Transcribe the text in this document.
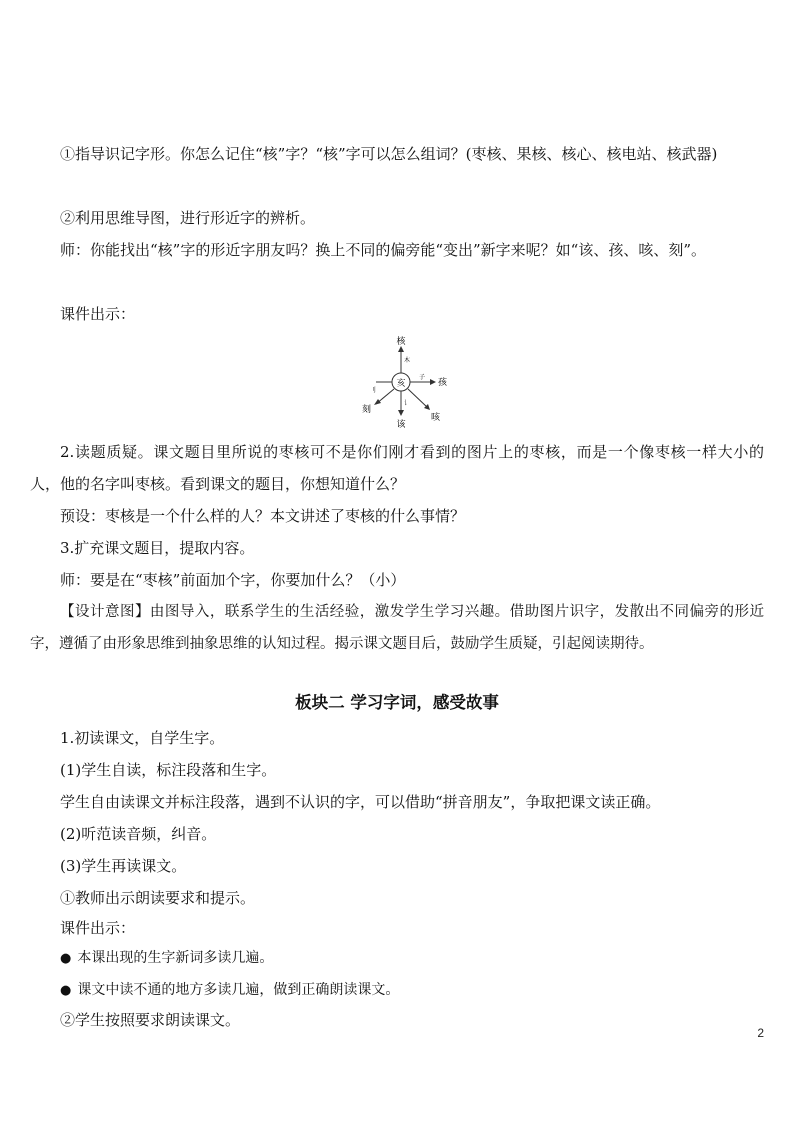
①指导识记字形。你怎么记住“核”字？“核”字可以怎么组词？(枣核、果核、核心、核电站、核武器)

②利用思维导图，进行形近字的辨析。

师：你能找出“核”字的形近字朋友吗？换上不同的偏旁能“变出”新字来呢？如“该、孩、咳、刻”。

课件出示：

亥
核
木
孩
子
该
讠
刂
刻
咳

2.读题质疑。课文题目里所说的枣核可不是你们刚才看到的图片上的枣核，而是一个像枣核一样大小的人，他的名字叫枣核。看到课文的题目，你想知道什么？

预设：枣核是一个什么样的人？本文讲述了枣核的什么事情？

3.扩充课文题目，提取内容。

师：要是在“枣核”前面加个字，你要加什么？（小）

【设计意图】由图导入，联系学生的生活经验，激发学生学习兴趣。借助图片识字，发散出不同偏旁的形近字，遵循了由形象思维到抽象思维的认知过程。揭示课文题目后，鼓励学生质疑，引起阅读期待。

板块二 学习字词，感受故事

1.初读课文，自学生字。

(1)学生自读，标注段落和生字。

学生自由读课文并标注段落，遇到不认识的字，可以借助“拼音朋友”，争取把课文读正确。

(2)听范读音频，纠音。

(3)学生再读课文。

①教师出示朗读要求和提示。

课件出示：

● 本课出现的生字新词多读几遍。

● 课文中读不通的地方多读几遍，做到正确朗读课文。

②学生按照要求朗读课文。

2
